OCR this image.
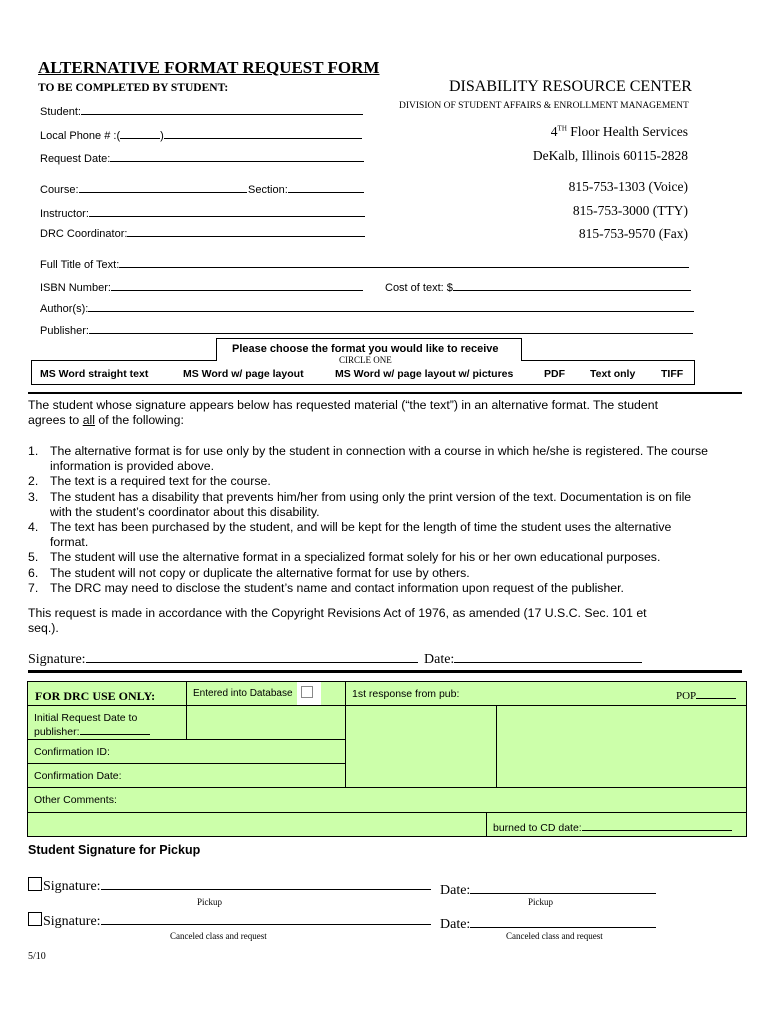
ALTERNATIVE FORMAT REQUEST FORM
TO BE COMPLETED BY STUDENT:	DISABILITY RESOURCE CENTER
DIVISION OF STUDENT AFFAIRS & ENROLLMENT MANAGEMENT
4TH Floor Health Services
DeKalb, Illinois 60115-2828
815-753-1303 (Voice)
815-753-3000 (TTY)
815-753-9570 (Fax)
Student:
Local Phone # :(	)
Request Date:
Course:	Section:
Instructor:
DRC Coordinator:
Full Title of Text:
ISBN Number:	Cost of text: $
Author(s):
Publisher:
Please choose the format you would like to receive
CIRCLE ONE
MS Word straight text	MS Word w/ page layout	MS Word w/ page layout w/ pictures	PDF Text only TIFF
The student whose signature appears below has requested material (“the text”) in an alternative format. The student agrees to all of the following:
1. The alternative format is for use only by the student in connection with a course in which he/she is registered. The course information is provided above.
2. The text is a required text for the course.
3. The student has a disability that prevents him/her from using only the print version of the text. Documentation is on file with the student’s coordinator about this disability.
4. The text has been purchased by the student, and will be kept for the length of time the student uses the alternative format.
5. The student will use the alternative format in a specialized format solely for his or her own educational purposes.
6. The student will not copy or duplicate the alternative format for use by others.
7. The DRC may need to disclose the student’s name and contact information upon request of the publisher.
This request is made in accordance with the Copyright Revisions Act of 1976, as amended (17 U.S.C. Sec. 101 et seq.).
Signature:	Date:
FOR DRC USE ONLY:	Entered into Database	1st response from pub:	POP
Initial Request Date to
publisher:
Confirmation ID:
Confirmation Date:
Other Comments:
burned to CD date:
Student Signature for Pickup
Signature:	Date:
Pickup	Pickup
Signature:	Date:
Canceled class and request	Canceled class and request
5/10
